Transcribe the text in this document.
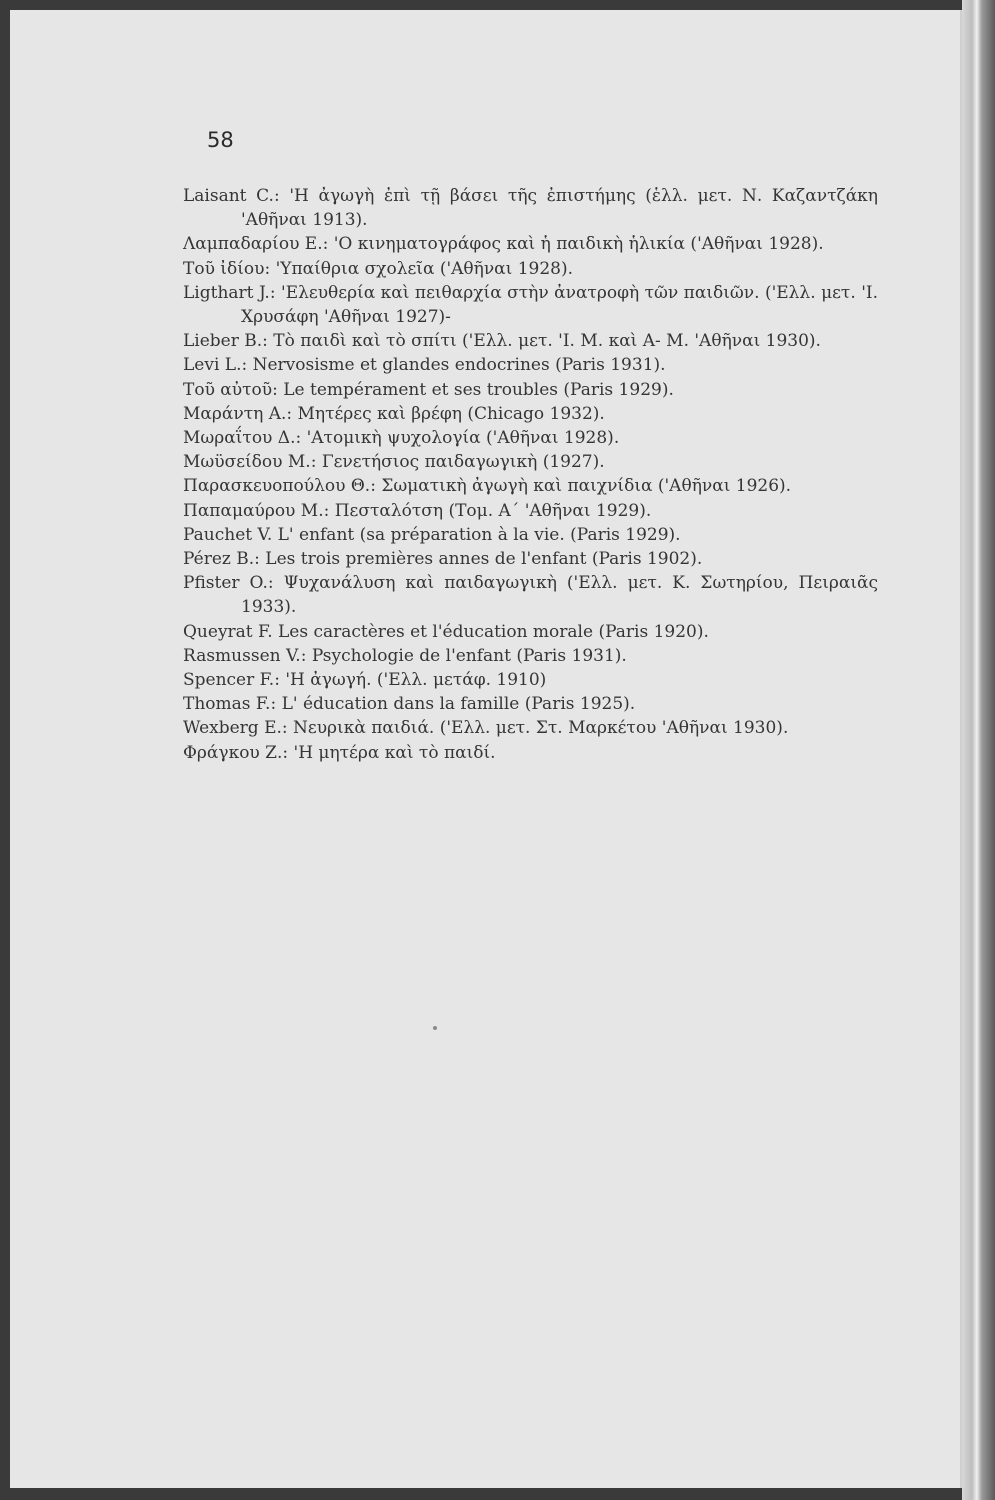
58

Laisant C.: 'Η ἀγωγὴ ἐπὶ τῇ βάσει τῆς ἐπιστήμης (ἑλλ. μετ. Ν. Καζαντζάκη 'Αθῆναι 1913).

Λαμπαδαρίου Ε.: 'Ο κινηματογράφος καὶ ἡ παιδικὴ ἡλικία ('Αθῆναι 1928).

Τοῦ ἰδίου: 'Υπαίθρια σχολεῖα ('Αθῆναι 1928).

Ligthart J.: 'Ελευθερία καὶ πειθαρχία στὴν ἀνατροφὴ τῶν παιδιῶν. ('Ελλ. μετ. 'Ι. Χρυσάφη 'Αθῆναι 1927)-

Lieber B.: Τὸ παιδὶ καὶ τὸ σπίτι ('Ελλ. μετ. 'Ι. Μ. καὶ Α- Μ. 'Αθῆναι 1930).

Levi L.: Nervosisme et glandes endocrines (Paris 1931).

Τοῦ αὐτοῦ: Le tempérament et ses troubles (Paris 1929).

Μαράντη Α.: Μητέρες καὶ βρέφη (Chicago 1932).

Μωραΐτου Δ.: 'Ατομικὴ ψυχολογία ('Αθῆναι 1928).

Μωϋσείδου Μ.: Γενετήσιος παιδαγωγικὴ (1927).

Παρασκευοπούλου Θ.: Σωματικὴ ἀγωγὴ καὶ παιχνίδια ('Αθῆναι 1926).

Παπαμαύρου Μ.: Πεσταλότση (Τομ. Α΄ 'Αθῆναι 1929).

Pauchet V. L' enfant (sa préparation à la vie. (Paris 1929).

Pérez B.: Les trois premières annes de l'enfant (Paris 1902).

Pfister O.: Ψυχανάλυση καὶ παιδαγωγικὴ ('Ελλ. μετ. Κ. Σωτηρίου, Πειραιᾶς 1933).

Queyrat F. Les caractères et l'éducation morale (Paris 1920).

Rasmussen V.: Psychologie de l'enfant (Paris 1931).

Spencer F.: 'Η ἀγωγή. ('Ελλ. μετάφ. 1910)

Thomas F.: L' éducation dans la famille (Paris 1925).

Wexberg E.: Νευρικὰ παιδιά. ('Ελλ. μετ. Στ. Μαρκέτου 'Αθῆναι 1930).

Φράγκου Ζ.: 'Η μητέρα καὶ τὸ παιδί.
